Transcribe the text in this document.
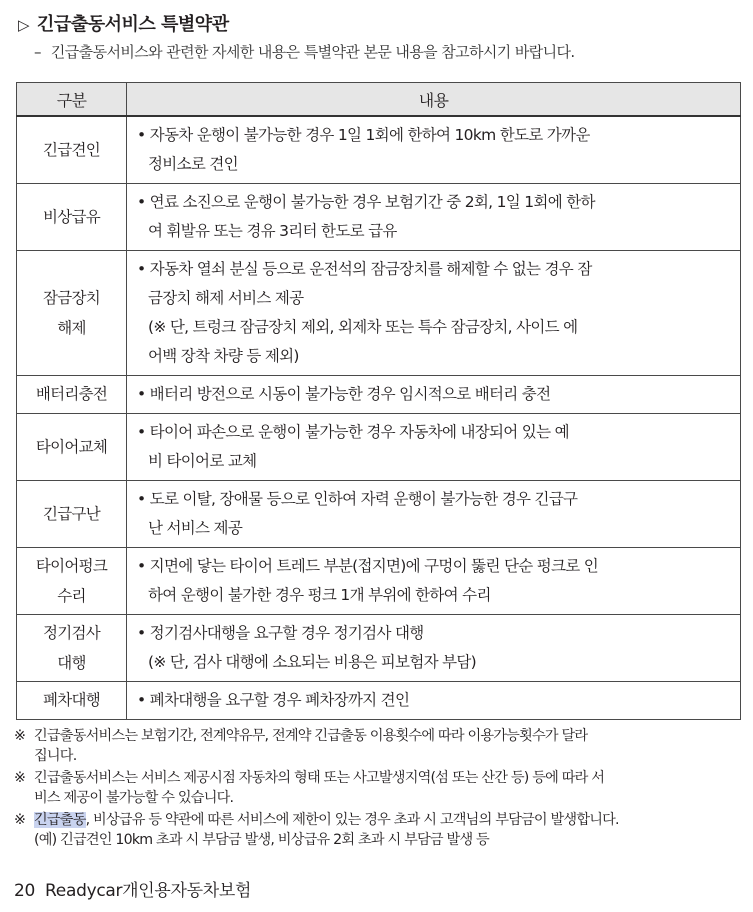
▷ 긴급출동서비스 특별약관
– 긴급출동서비스와 관련한 자세한 내용은 특별약관 본문 내용을 참고하시기 바랍니다.
구분	내용

긴급견인	• 자동차 운행이 불가능한 경우 1일 1회에 한하여 10km 한도로 가까운
정비소로 견인

비상급유	• 연료 소진으로 운행이 불가능한 경우 보험기간 중 2회, 1일 1회에 한하
여 휘발유 또는 경유 3리터 한도로 급유

잠금장치
해제	• 자동차 열쇠 분실 등으로 운전석의 잠금장치를 해제할 수 없는 경우 잠
금장치 해제 서비스 제공
(※ 단, 트렁크 잠금장치 제외, 외제차 또는 특수 잠금장치, 사이드 에
어백 장착 차량 등 제외)

배터리충전	• 배터리 방전으로 시동이 불가능한 경우 임시적으로 배터리 충전

타이어교체	• 타이어 파손으로 운행이 불가능한 경우 자동차에 내장되어 있는 예
비 타이어로 교체

긴급구난	• 도로 이탈, 장애물 등으로 인하여 자력 운행이 불가능한 경우 긴급구
난 서비스 제공

타이어펑크
수리	• 지면에 닿는 타이어 트레드 부분(접지면)에 구멍이 뚫린 단순 펑크로 인
하여 운행이 불가한 경우 펑크 1개 부위에 한하여 수리

정기검사
대행	• 정기검사대행을 요구할 경우 정기검사 대행
(※ 단, 검사 대행에 소요되는 비용은 피보험자 부담)

폐차대행	• 폐차대행을 요구할 경우 폐차장까지 견인
※ 긴급출동서비스는 보험기간, 전계약유무, 전계약 긴급출동 이용횟수에 따라 이용가능횟수가 달라
집니다.
※ 긴급출동서비스는 서비스 제공시점 자동차의 형태 또는 사고발생지역(섬 또는 산간 등) 등에 따라 서
비스 제공이 불가능할 수 있습니다.
※ 긴급출동, 비상급유 등 약관에 따른 서비스에 제한이 있는 경우 초과 시 고객님의 부담금이 발생합니다.
(예) 긴급견인 10km 초과 시 부담금 발생, 비상급유 2회 초과 시 부담금 발생 등
20 Readycar개인용자동차보험
